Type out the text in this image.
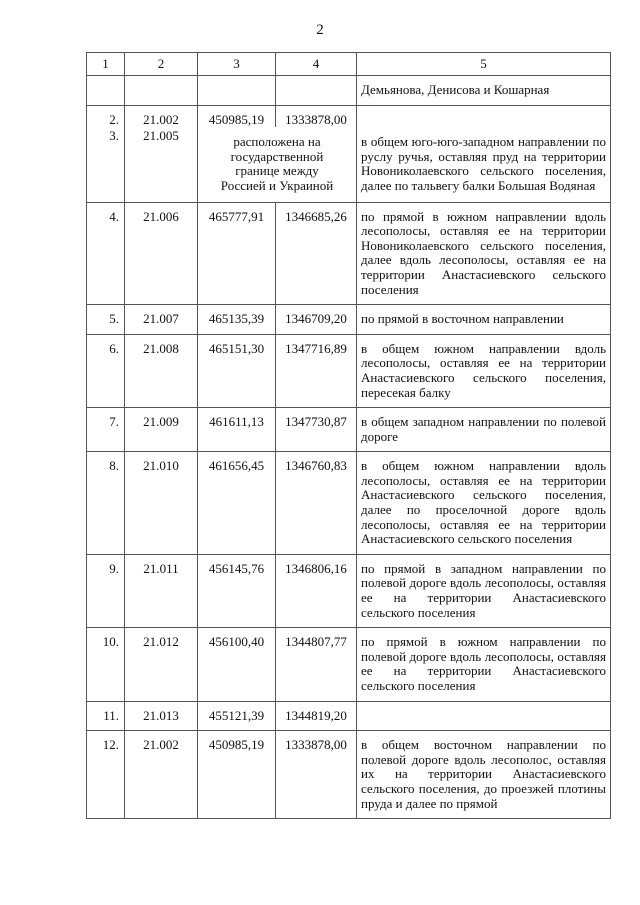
2
1	2	3	4	5
				Демьянова, Денисова и Кошарная
2.	21.002	450985,19	1333878,00	
3.	21.005	расположена на государственной границе между Россией и Украиной		в общем юго-юго-западном направлении по руслу ручья, оставляя пруд на территории Новониколаевского сельского поселения, далее по тальвегу балки Большая Водяная
4.	21.006	465777,91	1346685,26	по прямой в южном направлении вдоль лесополосы, оставляя ее на территории Новониколаевского сельского поселения, далее вдоль лесополосы, оставляя ее на территории Анастасиевского сельского поселения
5.	21.007	465135,39	1346709,20	по прямой в восточном направлении
6.	21.008	465151,30	1347716,89	в общем южном направлении вдоль лесополосы, оставляя ее на территории Анастасиевского сельского поселения, пересекая балку
7.	21.009	461611,13	1347730,87	в общем западном направлении по полевой дороге
8.	21.010	461656,45	1346760,83	в общем южном направлении вдоль лесополосы, оставляя ее на территории Анастасиевского сельского поселения, далее по проселочной дороге вдоль лесополосы, оставляя ее на территории Анастасиевского сельского поселения
9.	21.011	456145,76	1346806,16	по прямой в западном направлении по полевой дороге вдоль лесополосы, оставляя ее на территории Анастасиевского сельского поселения
10.	21.012	456100,40	1344807,77	по прямой в южном направлении по полевой дороге вдоль лесополосы, оставляя ее на территории Анастасиевского сельского поселения
11.	21.013	455121,39	1344819,20	
12.	21.002	450985,19	1333878,00	в общем восточном направлении по полевой дороге вдоль лесополос, оставляя их на территории Анастасиевского сельского поселения, до проезжей плотины пруда и далее по прямой
